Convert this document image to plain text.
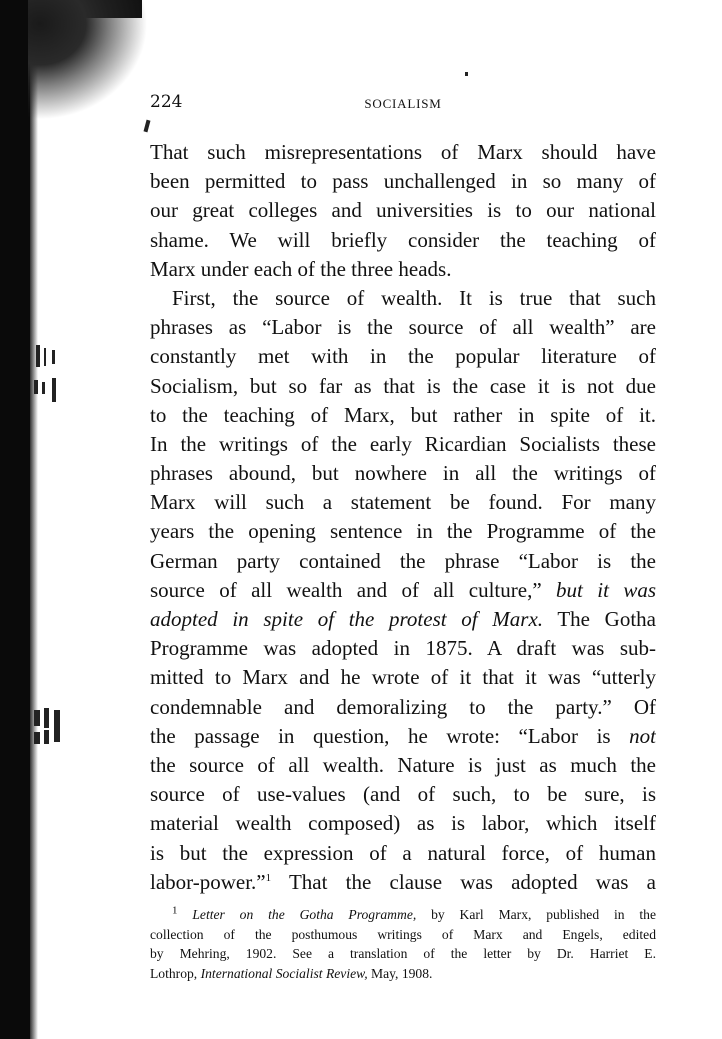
224	SOCIALISM
That such misrepresentations of Marx should have
been permitted to pass unchallenged in so many of
our great colleges and universities is to our national
shame. We will briefly consider the teaching of
Marx under each of the three heads.
First, the source of wealth. It is true that such
phrases as “Labor is the source of all wealth” are
constantly met with in the popular literature of
Socialism, but so far as that is the case it is not due
to the teaching of Marx, but rather in spite of it.
In the writings of the early Ricardian Socialists these
phrases abound, but nowhere in all the writings of
Marx will such a statement be found. For many
years the opening sentence in the Programme of the
German party contained the phrase “Labor is the
source of all wealth and of all culture,” but it was
adopted in spite of the protest of Marx. The Gotha
Programme was adopted in 1875. A draft was sub-
mitted to Marx and he wrote of it that it was “utterly
condemnable and demoralizing to the party.” Of
the passage in question, he wrote: “Labor is not
the source of all wealth. Nature is just as much the
source of use-values (and of such, to be sure, is
material wealth composed) as is labor, which itself
is but the expression of a natural force, of human
labor-power.”$^1$ That the clause was adopted was a
$^1$ Letter on the Gotha Programme, by Karl Marx, published in the
collection of the posthumous writings of Marx and Engels, edited
by Mehring, 1902. See a translation of the letter by Dr. Harriet E.
Lothrop, International Socialist Review, May, 1908.
